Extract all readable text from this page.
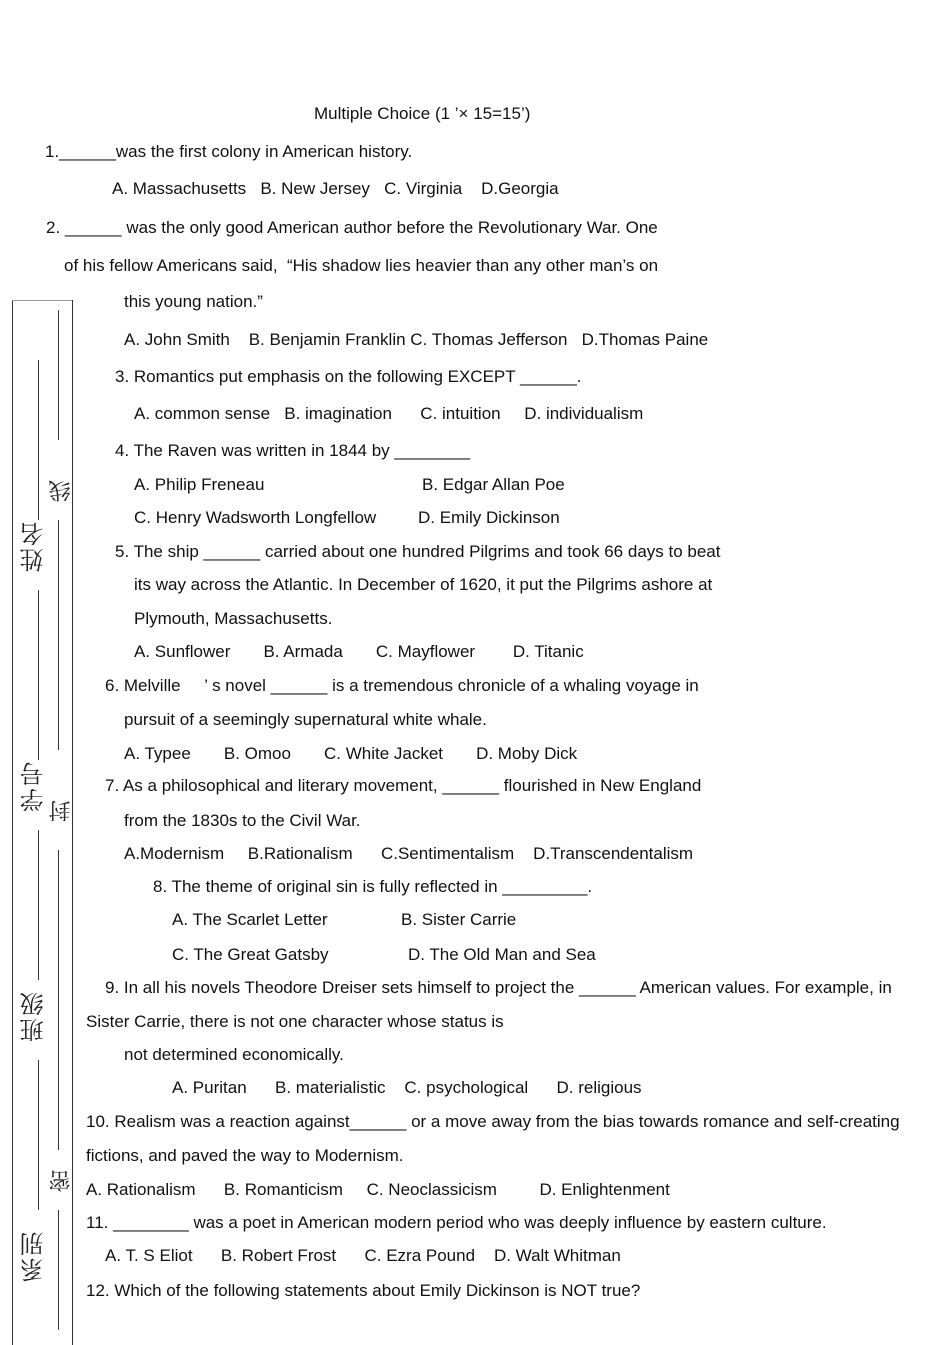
姓名
学号
班级
系别
线
封
密
Multiple Choice (1 ’× 15=15’)
1.______was the first colony in American history.
A. Massachusetts   B. New Jersey   C. Virginia    D.Georgia
2. ______ was the only good American author before the Revolutionary War. One
of his fellow Americans said,  “His shadow lies heavier than any other man’s on
this young nation.”
A. John Smith    B. Benjamin Franklin C. Thomas Jefferson   D.Thomas Paine
3. Romantics put emphasis on the following EXCEPT ______.
A. common sense   B. imagination      C. intuition     D. individualism
4. The Raven was written in 1844 by ________
A. Philip Freneau	B. Edgar Allan Poe
C. Henry Wadsworth Longfellow D. Emily Dickinson
5. The ship ______ carried about one hundred Pilgrims and took 66 days to beat
its way across the Atlantic. In December of 1620, it put the Pilgrims ashore at
Plymouth, Massachusetts.
A. Sunflower       B. Armada       C. Mayflower        D. Titanic
6. Melville     ’ s novel ______ is a tremendous chronicle of a whaling voyage in
pursuit of a seemingly supernatural white whale.
A. Typee       B. Omoo       C. White Jacket       D. Moby Dick
7. As a philosophical and literary movement, ______ flourished in New England
from the 1830s to the Civil War.
A.Modernism     B.Rationalism      C.Sentimentalism    D.Transcendentalism
8. The theme of original sin is fully reflected in _________.
A. The Scarlet Letter	B. Sister Carrie
C. The Great Gatsby	D. The Old Man and Sea
9. In all his novels Theodore Dreiser sets himself to project the ______ American values. For example, in
Sister Carrie, there is not one character whose status is
not determined economically.
A. Puritan      B. materialistic    C. psychological      D. religious
10. Realism was a reaction against______ or a move away from the bias towards romance and self-creating
fictions, and paved the way to Modernism.
A. Rationalism      B. Romanticism     C. Neoclassicism         D. Enlightenment
11. ________ was a poet in American modern period who was deeply influence by eastern culture.
A. T. S Eliot      B. Robert Frost      C. Ezra Pound    D. Walt Whitman
12. Which of the following statements about Emily Dickinson is NOT true?
